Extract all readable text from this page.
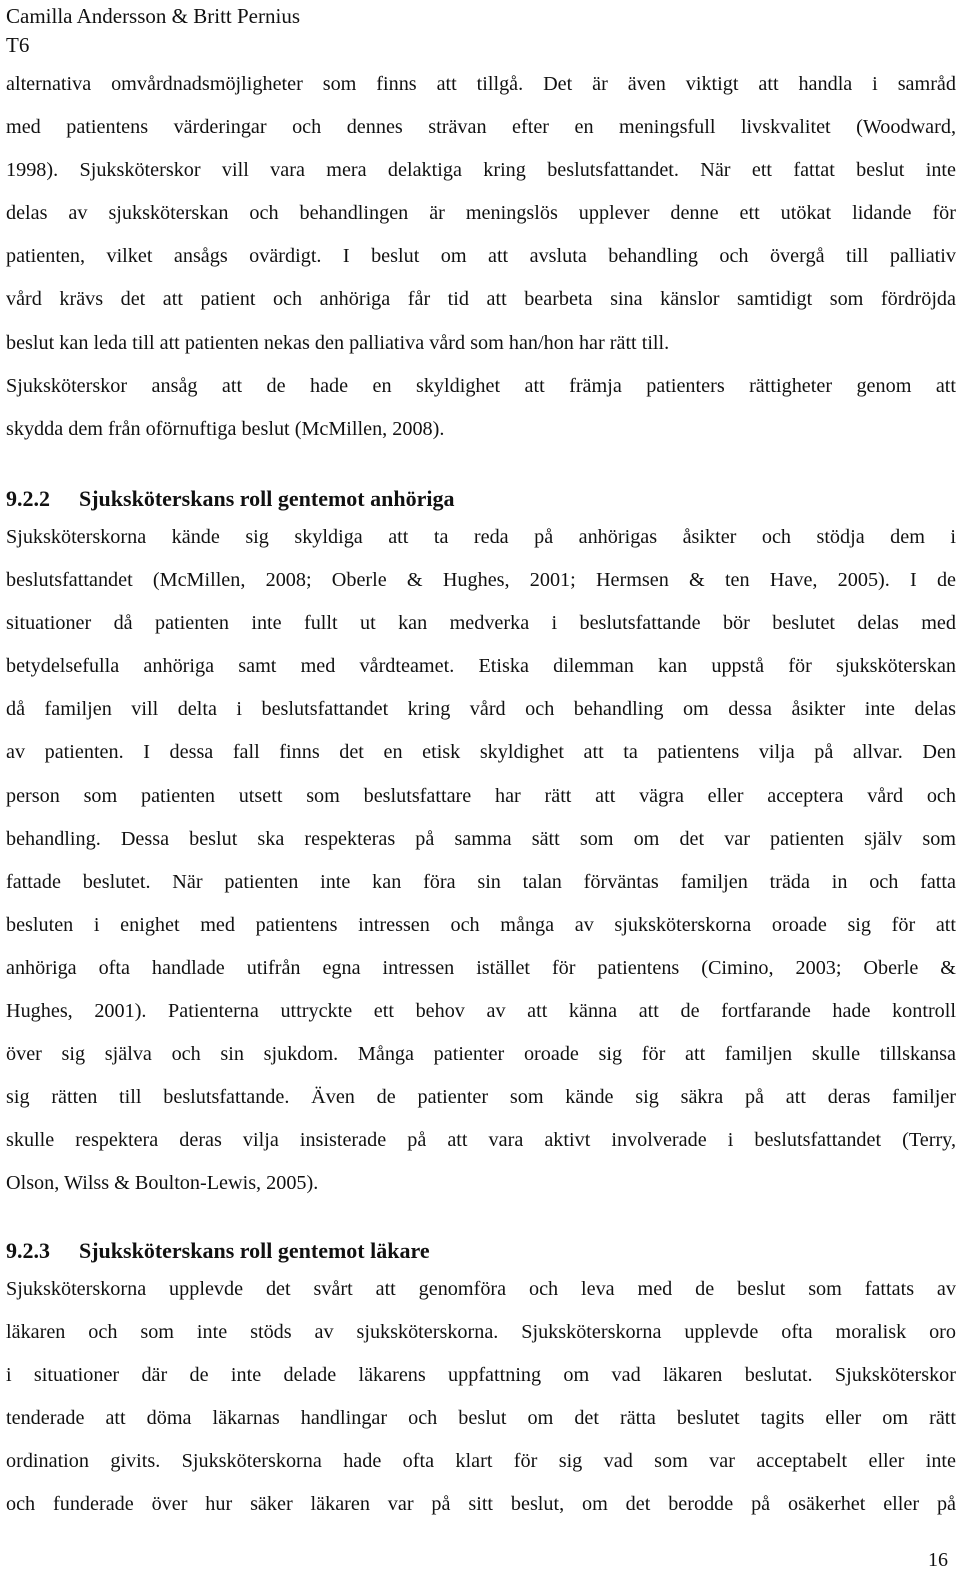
Camilla Andersson & Britt Pernius
T6

alternativa omvårdnadsmöjligheter som finns att tillgå. Det är även viktigt att handla i samråd
med patientens värderingar och dennes strävan efter en meningsfull livskvalitet (Woodward,
1998). Sjuksköterskor vill vara mera delaktiga kring beslutsfattandet. När ett fattat beslut inte
delas av sjuksköterskan och behandlingen är meningslös upplever denne ett utökat lidande för
patienten, vilket ansågs ovärdigt. I beslut om att avsluta behandling och övergå till palliativ
vård krävs det att patient och anhöriga får tid att bearbeta sina känslor samtidigt som fördröjda
beslut kan leda till att patienten nekas den palliativa vård som han/hon har rätt till.
Sjuksköterskor ansåg att de hade en skyldighet att främja patienters rättigheter genom att
skydda dem från oförnuftiga beslut (McMillen, 2008).

9.2.2 Sjuksköterskans roll gentemot anhöriga

Sjuksköterskorna kände sig skyldiga att ta reda på anhörigas åsikter och stödja dem i
beslutsfattandet (McMillen, 2008; Oberle & Hughes, 2001; Hermsen & ten Have, 2005). I de
situationer då patienten inte fullt ut kan medverka i beslutsfattande bör beslutet delas med
betydelsefulla anhöriga samt med vårdteamet. Etiska dilemman kan uppstå för sjuksköterskan
då familjen vill delta i beslutsfattandet kring vård och behandling om dessa åsikter inte delas
av patienten. I dessa fall finns det en etisk skyldighet att ta patientens vilja på allvar. Den
person som patienten utsett som beslutsfattare har rätt att vägra eller acceptera vård och
behandling. Dessa beslut ska respekteras på samma sätt som om det var patienten själv som
fattade beslutet. När patienten inte kan föra sin talan förväntas familjen träda in och fatta
besluten i enighet med patientens intressen och många av sjuksköterskorna oroade sig för att
anhöriga ofta handlade utifrån egna intressen istället för patientens (Cimino, 2003; Oberle &
Hughes, 2001). Patienterna uttryckte ett behov av att känna att de fortfarande hade kontroll
över sig själva och sin sjukdom. Många patienter oroade sig för att familjen skulle tillskansa
sig rätten till beslutsfattande. Även de patienter som kände sig säkra på att deras familjer
skulle respektera deras vilja insisterade på att vara aktivt involverade i beslutsfattandet (Terry,
Olson, Wilss & Boulton-Lewis, 2005).

9.2.3 Sjuksköterskans roll gentemot läkare

Sjuksköterskorna upplevde det svårt att genomföra och leva med de beslut som fattats av
läkaren och som inte stöds av sjuksköterskorna. Sjuksköterskorna upplevde ofta moralisk oro
i situationer där de inte delade läkarens uppfattning om vad läkaren beslutat. Sjuksköterskor
tenderade att döma läkarnas handlingar och beslut om det rätta beslutet tagits eller om rätt
ordination givits. Sjuksköterskorna hade ofta klart för sig vad som var acceptabelt eller inte
och funderade över hur säker läkaren var på sitt beslut, om det berodde på osäkerhet eller på

16
